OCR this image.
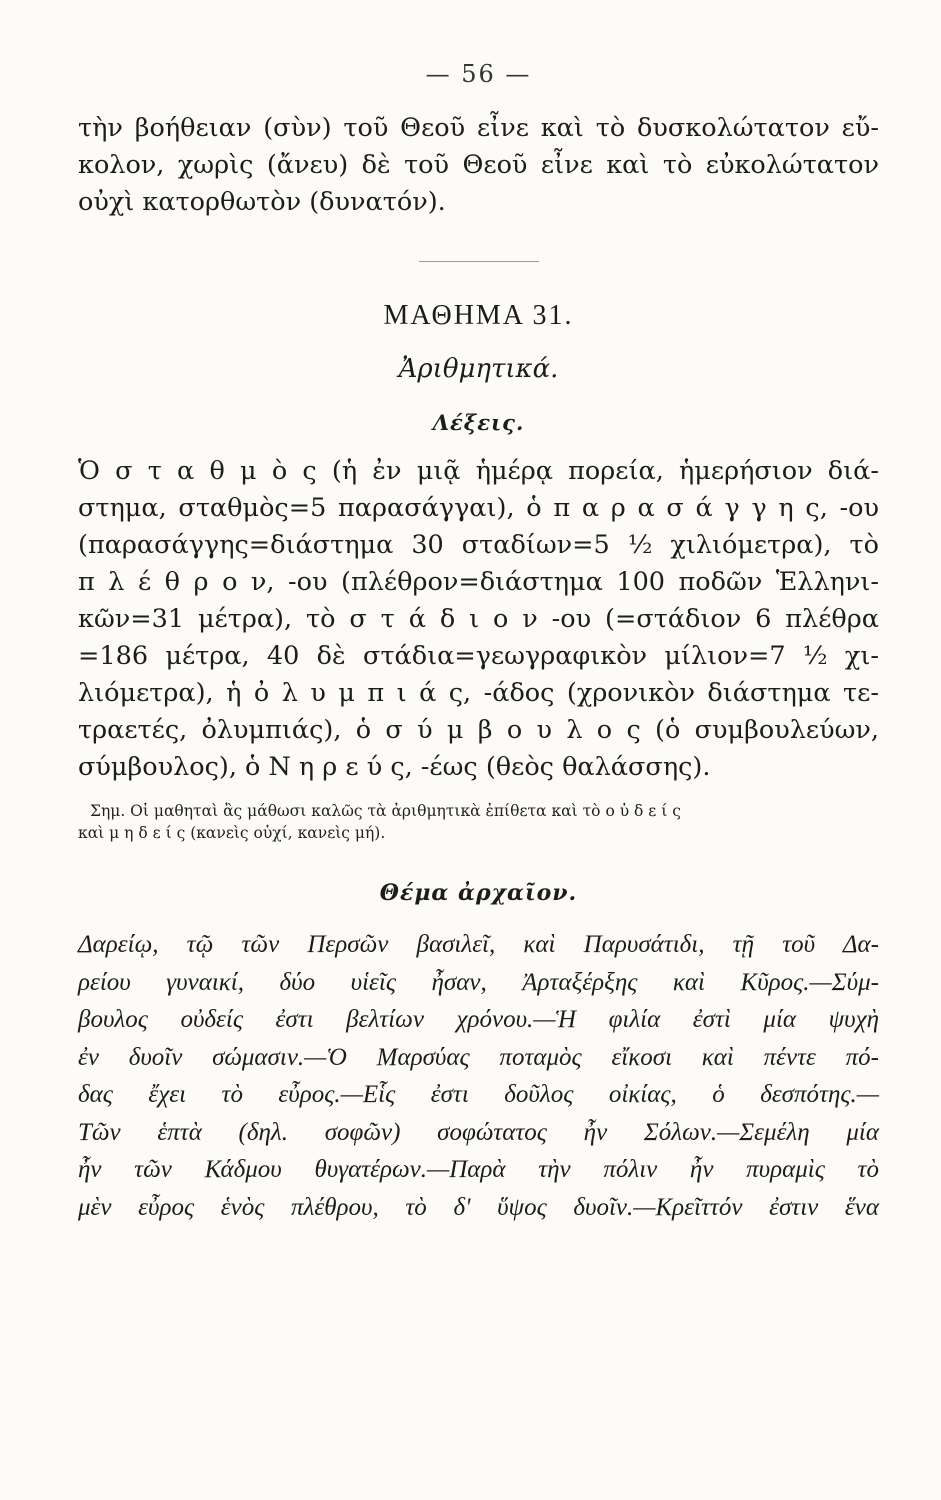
— 56 —
τὴν βοήθειαν (σὺν) τοῦ Θεοῦ εἶνε καὶ τὸ δυσκολώτατον εὔ-
κολον, χωρὶς (ἄνευ) δὲ τοῦ Θεοῦ εἶνε καὶ τὸ εὐκολώτατον
οὐχὶ κατορθωτὸν (δυνατόν).
ΜΑΘΗΜΑ 31.
Ἀριθμητικά.
Λέξεις.
Ὁ σ τ α θ μ ὸ ς (ἡ ἐν μιᾷ ἡμέρᾳ πορεία, ἡμερήσιον διά-
στημα, σταθμὸς=5 παρασάγγαι), ὁ π α ρ α σ ά γ γ η ς, -ου
(παρασάγγης=διάστημα 30 σταδίων=5 ½ χιλιόμετρα), τὸ
π λ έ θ ρ ο ν, -ου (πλέθρον=διάστημα 100 ποδῶν Ἑλληνι-
κῶν=31 μέτρα), τὸ σ τ ά δ ι ο ν -ου (=στάδιον 6 πλέθρα
=186 μέτρα, 40 δὲ στάδια=γεωγραφικὸν μίλιον=7 ½ χι-
λιόμετρα), ἡ ὀ λ υ μ π ι ά ς, -άδος (χρονικὸν διάστημα τε-
τραετές, ὀλυμπιάς), ὁ σ ύ μ β ο υ λ ο ς (ὁ συμβουλεύων,
σύμβουλος), ὁ Ν η ρ ε ύ ς, -έως (θεὸς θαλάσσης).
Σημ. Οἱ μαθηταὶ ἂς μάθωσι καλῶς τὰ ἀριθμητικὰ ἐπίθετα καὶ τὸ ο ὐ δ ε ί ς
καὶ μ η δ ε ί ς (κανεὶς οὐχί, κανεὶς μή).
Θέμα ἀρχαῖον.
Δαρείῳ, τῷ τῶν Περσῶν βασιλεῖ, καὶ Παρυσάτιδι, τῇ τοῦ Δα-
ρείου γυναικί, δύο υἱεῖς ἦσαν, Ἀρταξέρξης καὶ Κῦρος.—Σύμ-
βουλος οὐδείς ἐστι βελτίων χρόνου.—Ἡ φιλία ἐστὶ μία ψυχὴ
ἐν δυοῖν σώμασιν.—Ὁ Μαρσύας ποταμὸς εἴκοσι καὶ πέντε πό-
δας ἔχει τὸ εὖρος.—Εἷς ἐστι δοῦλος οἰκίας, ὁ δεσπότης.—
Τῶν ἑπτὰ (δηλ. σοφῶν) σοφώτατος ἦν Σόλων.—Σεμέλη μία
ἦν τῶν Κάδμου θυγατέρων.—Παρὰ τὴν πόλιν ἦν πυραμὶς τὸ
μὲν εὖρος ἑνὸς πλέθρου, τὸ δ' ὕψος δυοῖν.—Κρεῖττόν ἐστιν ἕνα
